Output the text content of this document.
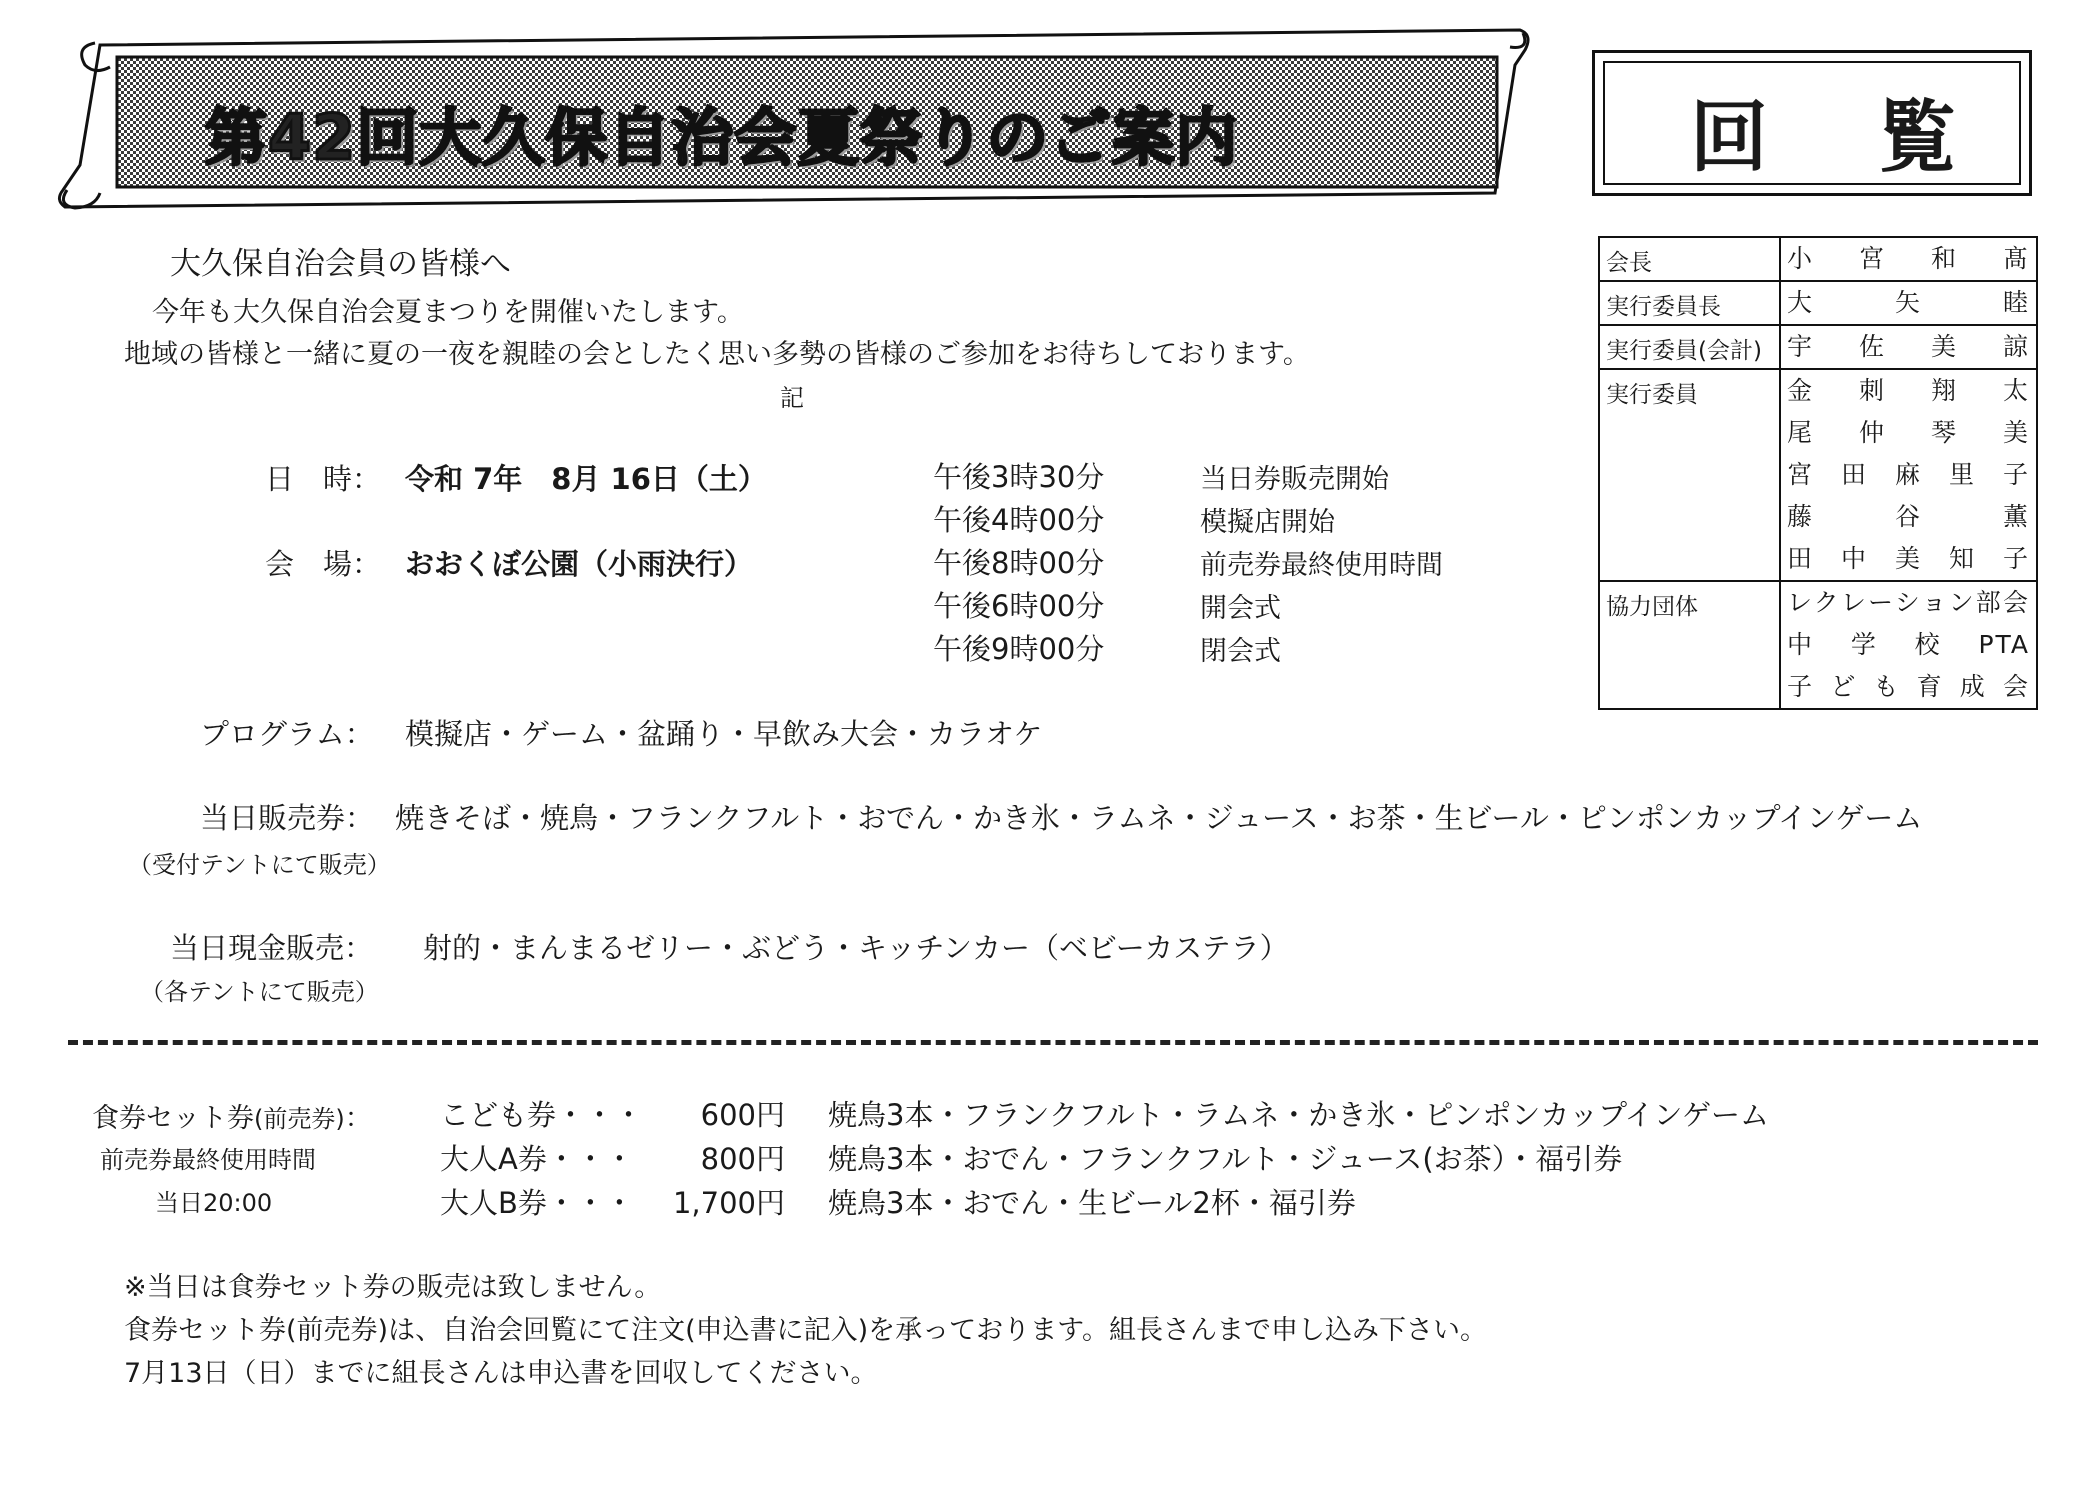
第42回大久保自治会夏祭りのご案内	回覧
会長	小宮和髙

実行委員長	大矢睦

実行委員(会計)	宇佐美諒

実行委員	金刺翔太
尾仲琴美
宮田麻里子
藤谷薫
田中美知子

協力団体	レクレーション部会
中学校PTA
子ども育成会
大久保自治会員の皆様へ
今年も大久保自治会夏まつりを開催いたします。
地域の皆様と一緒に夏の一夜を親睦の会としたく思い多勢の皆様のご参加をお待ちしております。
記
日　時： 令和 7年　8月 16日（土）
会　場： おおくぼ公園（小雨決行）
午後3時30分	当日券販売開始
午後4時00分	模擬店開始
午後8時00分	前売券最終使用時間
午後6時00分	開会式
午後9時00分	閉会式
プログラム： 模擬店・ゲーム・盆踊り・早飲み大会・カラオケ
当日販売券：
（受付テントにて販売）
焼きそば・焼鳥・フランクフルト・おでん・かき氷・ラムネ・ジュース・お茶・生ビール・ピンポンカップインゲーム
当日現金販売：
（各テントにて販売）
射的・まんまるゼリー・ぶどう・キッチンカー（ベビーカステラ）
食券セット券(前売券)：
前売券最終使用時間
当日20:00
こども券・・・	600円 焼鳥3本・フランクフルト・ラムネ・かき氷・ピンポンカップインゲーム
大人A券・・・	800円 焼鳥3本・おでん・フランクフルト・ジュース(お茶）・福引券
大人B券・・・	1,700円 焼鳥3本・おでん・生ビール2杯・福引券
※当日は食券セット券の販売は致しません。
食券セット券(前売券)は、自治会回覧にて注文(申込書に記入)を承っております。組長さんまで申し込み下さい。
7月13日（日）までに組長さんは申込書を回収してください。
